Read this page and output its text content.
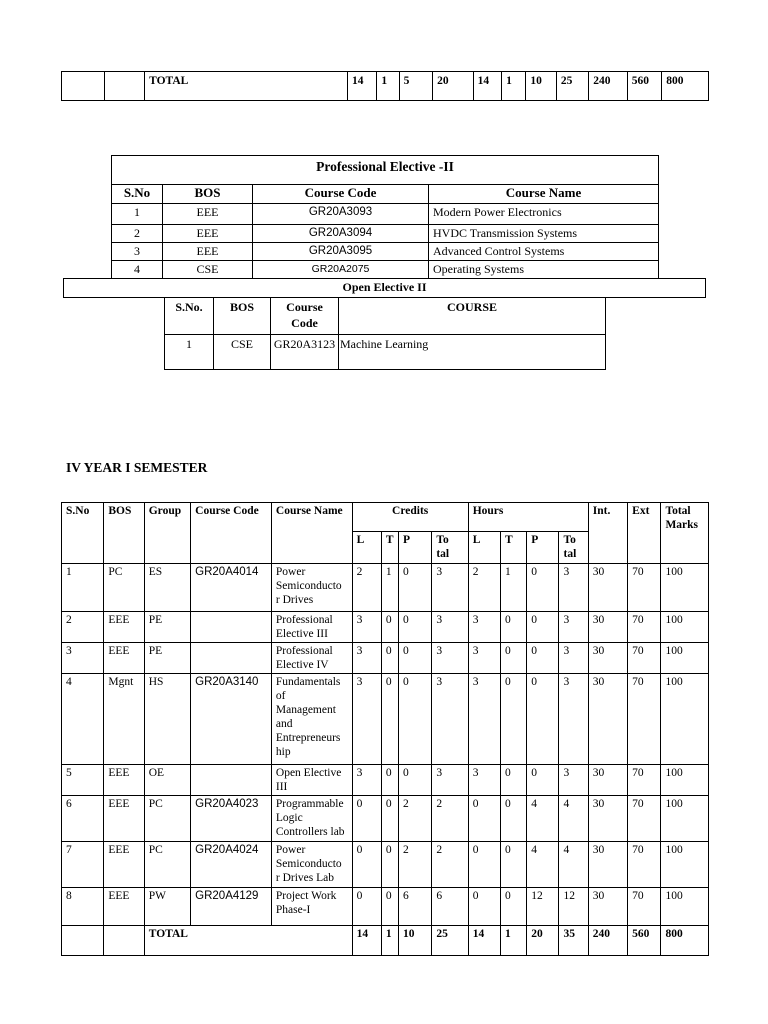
		TOTAL	14	1	5	20	14	1	10	25	240	560	800
Professional Elective -II			
S.No	BOS	Course Code	Course Name
1	EEE	GR20A3093	Modern Power Electronics
2	EEE	GR20A3094	HVDC Transmission Systems
3	EEE	GR20A3095	Advanced Control Systems
4	CSE	GR20A2075	Operating Systems
Open Elective II
S.No.	BOS	Course Code	COURSE
1	CSE	GR20A3123	Machine Learning
IV YEAR I SEMESTER
S.No	BOS	Group	Course Code	Course Name	Credits				Hours				Int.	Ext	Total Marks
					L	T	P	To tal	L	T	P	To tal			
1	PC	ES	GR20A4014	Power Semiconducto r Drives	2	1	0	3	2	1	0	3	30	70	100
2	EEE	PE		Professional Elective III	3	0	0	3	3	0	0	3	30	70	100
3	EEE	PE		Professional Elective IV	3	0	0	3	3	0	0	3	30	70	100
4	Mgnt	HS	GR20A3140	Fundamentals of Management and Entrepreneurs hip	3	0	0	3	3	0	0	3	30	70	100
5	EEE	OE		Open Elective III	3	0	0	3	3	0	0	3	30	70	100
6	EEE	PC	GR20A4023	Programmable Logic Controllers lab	0	0	2	2	0	0	4	4	30	70	100
7	EEE	PC	GR20A4024	Power Semiconducto r Drives Lab	0	0	2	2	0	0	4	4	30	70	100
8	EEE	PW	GR20A4129	Project Work Phase-I	0	0	6	6	0	0	12	12	30	70	100
		TOTAL			14	1	10	25	14	1	20	35	240	560	800
